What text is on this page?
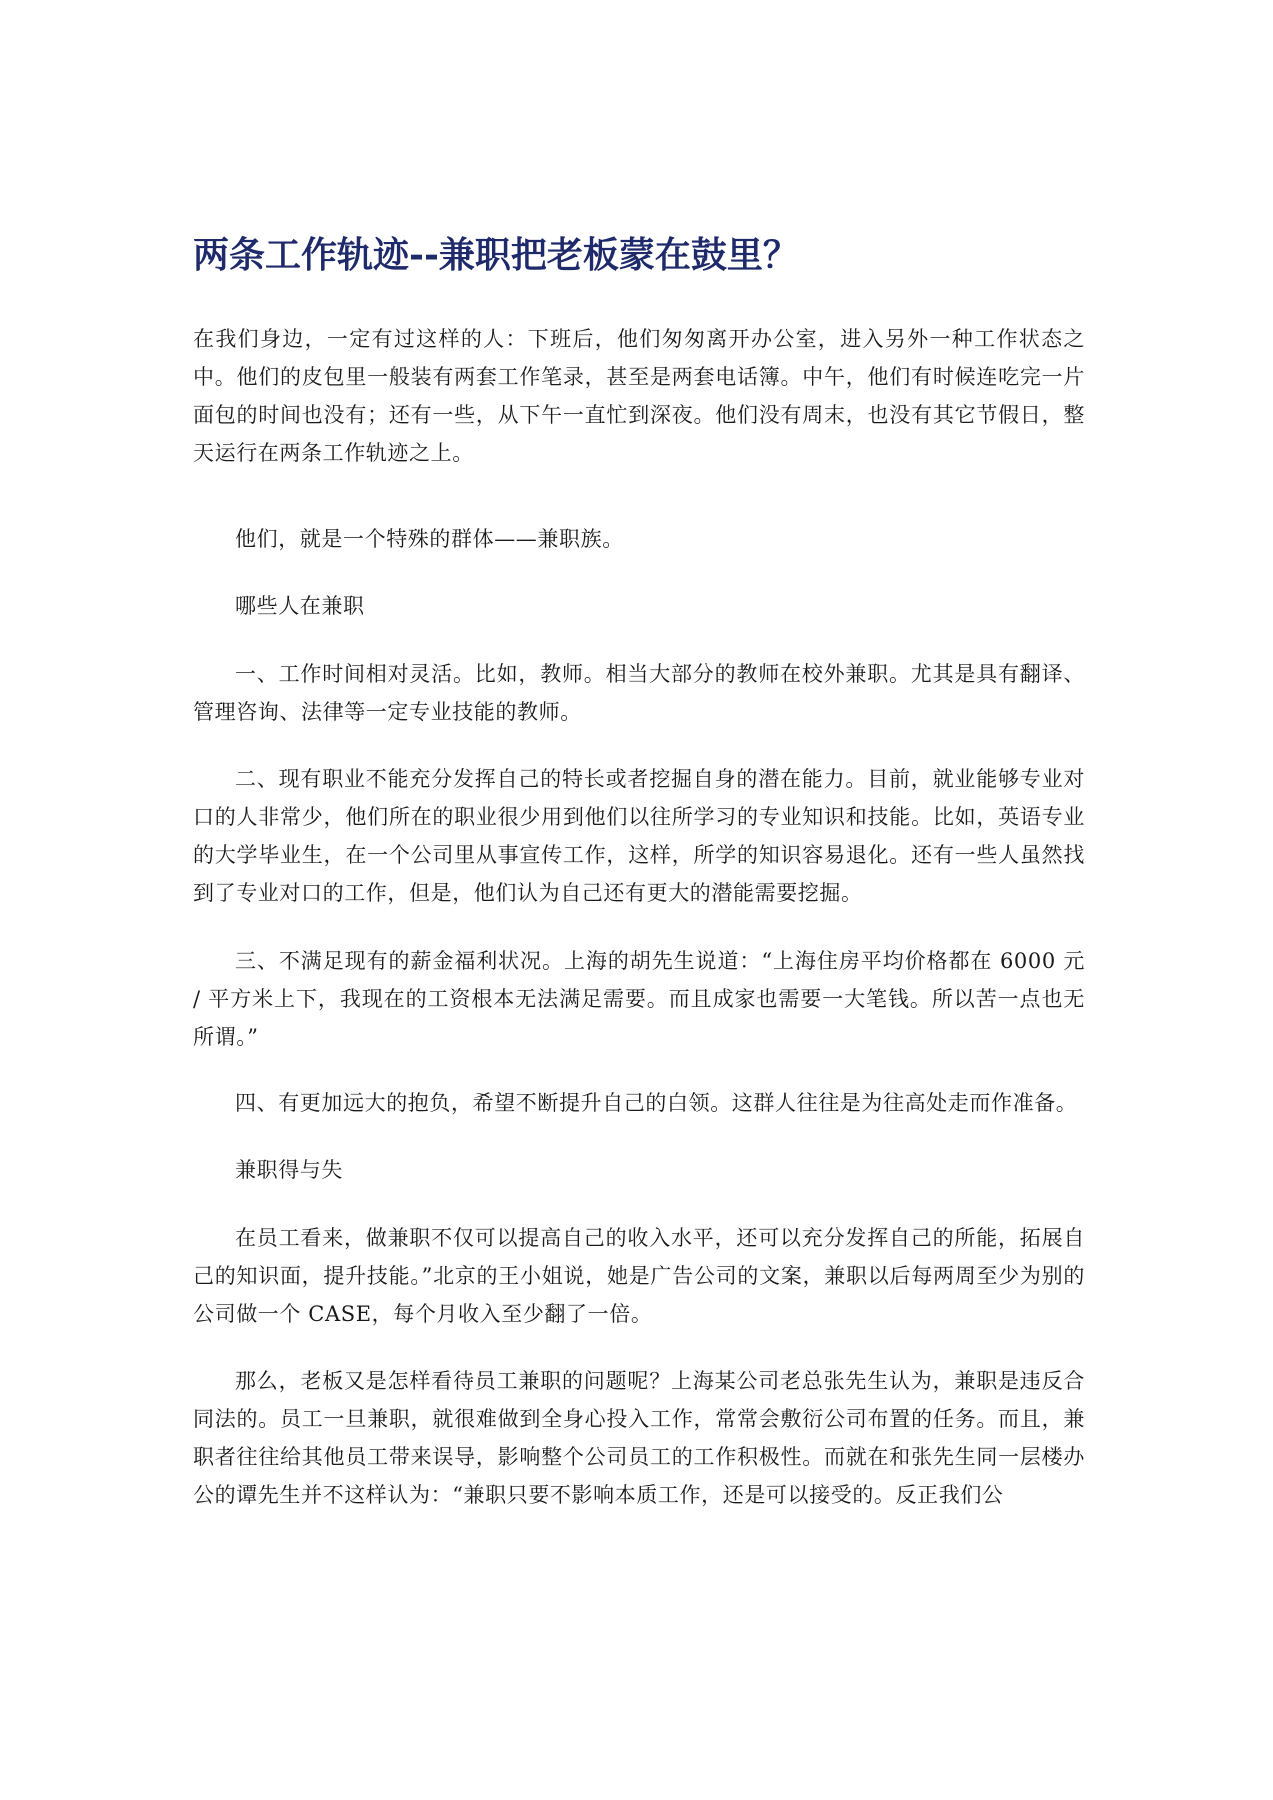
两条工作轨迹--兼职把老板蒙在鼓里？

在我们身边，一定有过这样的人：下班后，他们匆匆离开办公室，进入另外一种工作状态之中。他们的皮包里一般装有两套工作笔录，甚至是两套电话簿。中午，他们有时候连吃完一片面包的时间也没有；还有一些，从下午一直忙到深夜。他们没有周末，也没有其它节假日，整天运行在两条工作轨迹之上。

他们，就是一个特殊的群体——兼职族。

哪些人在兼职

一、工作时间相对灵活。比如，教师。相当大部分的教师在校外兼职。尤其是具有翻译、管理咨询、法律等一定专业技能的教师。

二、现有职业不能充分发挥自己的特长或者挖掘自身的潜在能力。目前，就业能够专业对口的人非常少，他们所在的职业很少用到他们以往所学习的专业知识和技能。比如，英语专业的大学毕业生，在一个公司里从事宣传工作，这样，所学的知识容易退化。还有一些人虽然找到了专业对口的工作，但是，他们认为自己还有更大的潜能需要挖掘。

三、不满足现有的薪金福利状况。上海的胡先生说道：“上海住房平均价格都在 6000 元 / 平方米上下，我现在的工资根本无法满足需要。而且成家也需要一大笔钱。所以苦一点也无所谓。”

四、有更加远大的抱负，希望不断提升自己的白领。这群人往往是为往高处走而作准备。

兼职得与失

在员工看来，做兼职不仅可以提高自己的收入水平，还可以充分发挥自己的所能，拓展自己的知识面，提升技能。”北京的王小姐说，她是广告公司的文案，兼职以后每两周至少为别的公司做一个 CASE，每个月收入至少翻了一倍。

那么，老板又是怎样看待员工兼职的问题呢？上海某公司老总张先生认为，兼职是违反合同法的。员工一旦兼职，就很难做到全身心投入工作，常常会敷衍公司布置的任务。而且，兼职者往往给其他员工带来误导，影响整个公司员工的工作积极性。而就在和张先生同一层楼办公的谭先生并不这样认为：“兼职只要不影响本质工作，还是可以接受的。反正我们公
